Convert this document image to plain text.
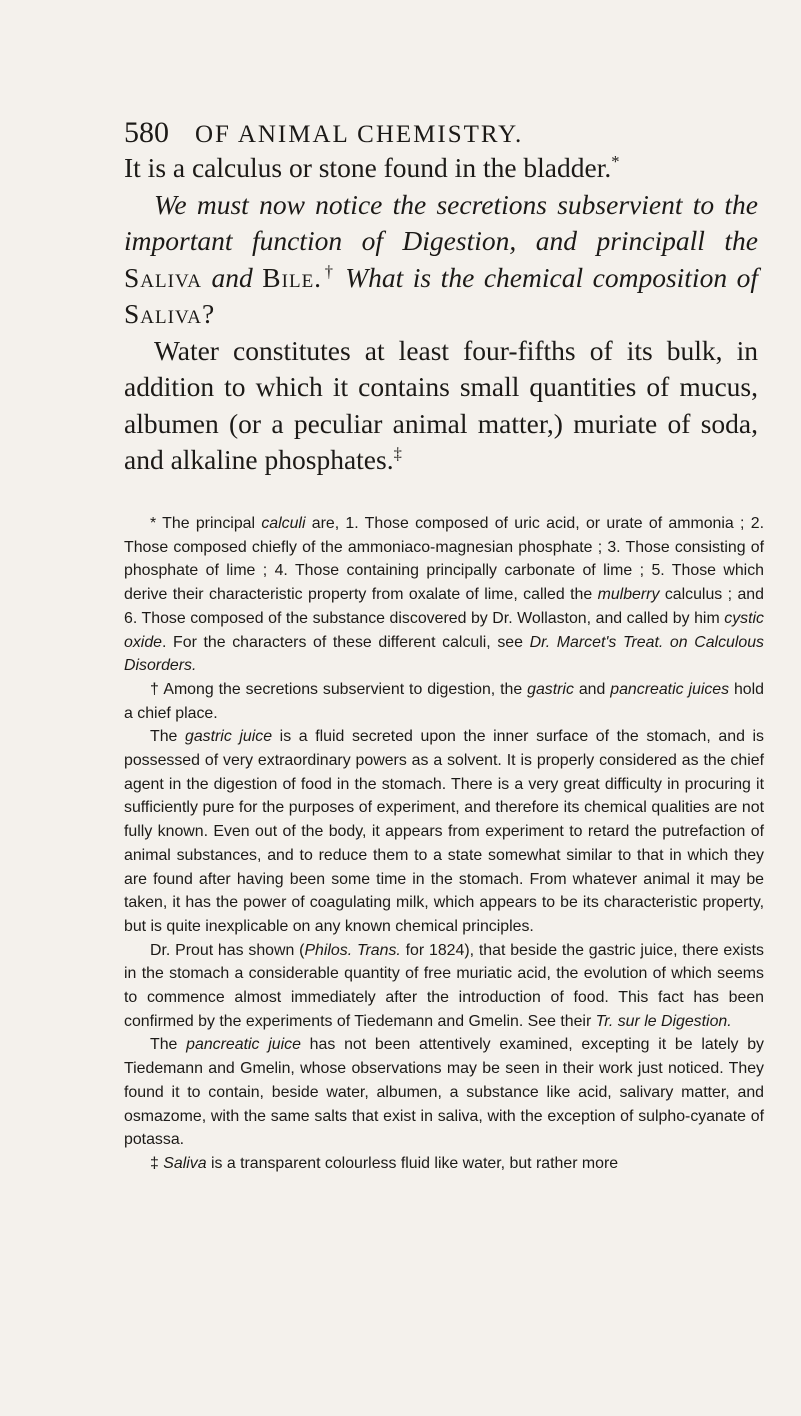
580 OF ANIMAL CHEMISTRY.

It is a calculus or stone found in the bladder.*

We must now notice the secretions subservient to the important function of Digestion, and principall the Saliva and Bile.† What is the chemical composition of Saliva?

Water constitutes at least four-fifths of its bulk, in addition to which it contains small quantities of mucus, albumen (or a peculiar animal matter,) muriate of soda, and alkaline phosphates.‡

* The principal calculi are, 1. Those composed of uric acid, or urate of ammonia ; 2. Those composed chiefly of the ammoniaco-magnesian phosphate ; 3. Those consisting of phosphate of lime ; 4. Those containing principally carbonate of lime ; 5. Those which derive their characteristic property from oxalate of lime, called the mulberry calculus ; and 6. Those composed of the substance discovered by Dr. Wollaston, and called by him cystic oxide. For the characters of these different calculi, see Dr. Marcet's Treat. on Calculous Disorders.

† Among the secretions subservient to digestion, the gastric and pancreatic juices hold a chief place.

The gastric juice is a fluid secreted upon the inner surface of the stomach, and is possessed of very extraordinary powers as a solvent. It is properly considered as the chief agent in the digestion of food in the stomach. There is a very great difficulty in procuring it sufficiently pure for the purposes of experiment, and therefore its chemical qualities are not fully known. Even out of the body, it appears from experiment to retard the putrefaction of animal substances, and to reduce them to a state somewhat similar to that in which they are found after having been some time in the stomach. From whatever animal it may be taken, it has the power of coagulating milk, which appears to be its characteristic property, but is quite inexplicable on any known chemical principles.

Dr. Prout has shown (Philos. Trans. for 1824), that beside the gastric juice, there exists in the stomach a considerable quantity of free muriatic acid, the evolution of which seems to commence almost immediately after the introduction of food. This fact has been confirmed by the experiments of Tiedemann and Gmelin. See their Tr. sur le Digestion.

The pancreatic juice has not been attentively examined, excepting it be lately by Tiedemann and Gmelin, whose observations may be seen in their work just noticed. They found it to contain, beside water, albumen, a substance like acid, salivary matter, and osmazome, with the same salts that exist in saliva, with the exception of sulpho-cyanate of potassa.

‡ Saliva is a transparent colourless fluid like water, but rather more
